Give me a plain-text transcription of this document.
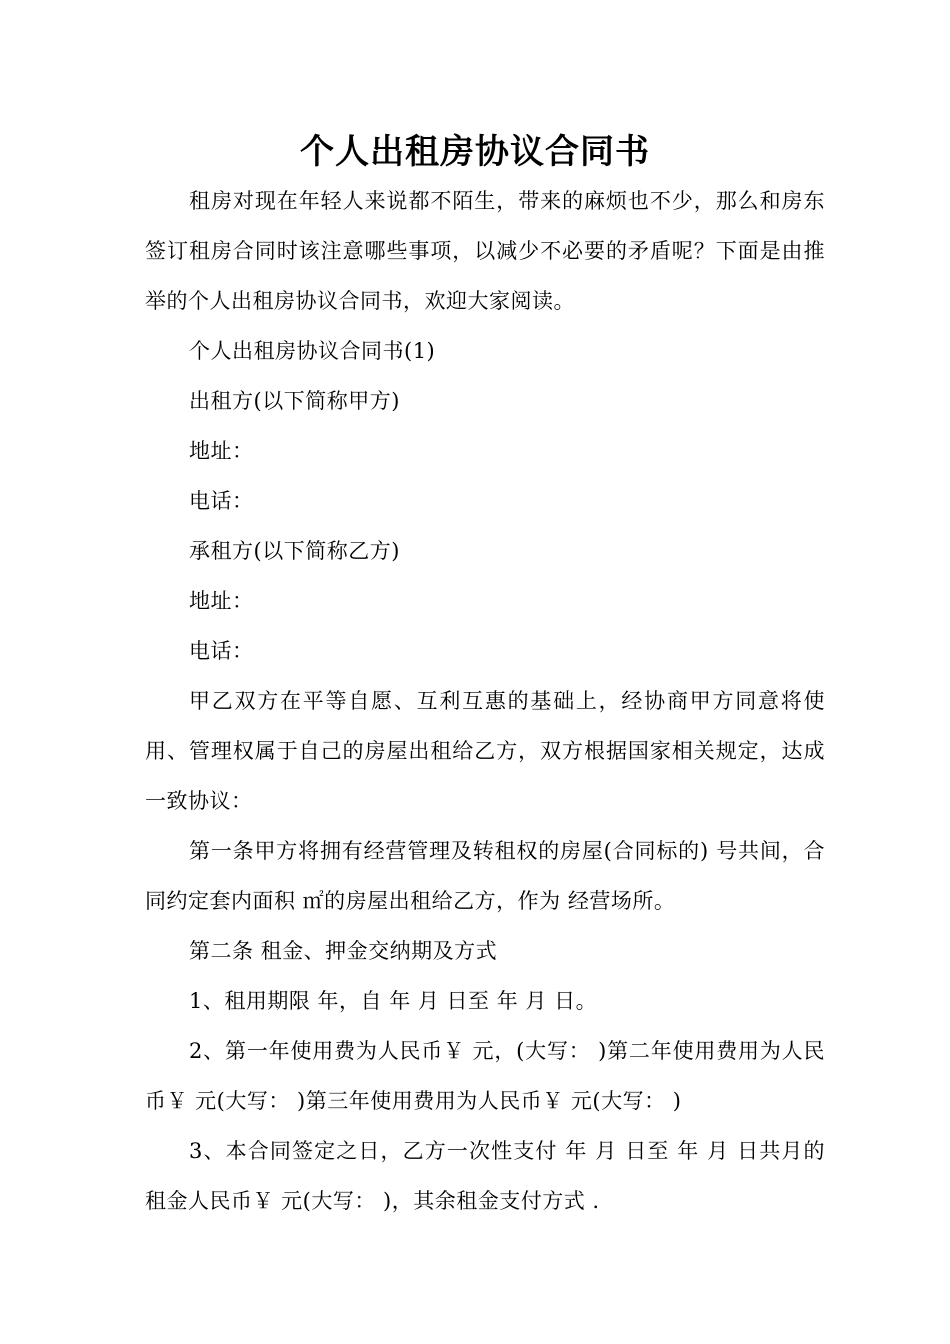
个人出租房协议合同书

租房对现在年轻人来说都不陌生，带来的麻烦也不少，那么和房东签订租房合同时该注意哪些事项，以减少不必要的矛盾呢？下面是由推举的个人出租房协议合同书，欢迎大家阅读。

个人出租房协议合同书(1)

出租方(以下简称甲方)

地址：

电话：

承租方(以下简称乙方)

地址：

电话：

甲乙双方在平等自愿、互利互惠的基础上，经协商甲方同意将使用、管理权属于自己的房屋出租给乙方，双方根据国家相关规定，达成一致协议：

第一条甲方将拥有经营管理及转租权的房屋(合同标的) 号共间，合同约定套内面积 ㎡的房屋出租给乙方，作为 经营场所。

第二条 租金、押金交纳期及方式

1、租用期限 年，自 年 月 日至 年 月 日。

2、第一年使用费为人民币￥ 元，(大写： )第二年使用费用为人民币￥ 元(大写： )第三年使用费用为人民币￥ 元(大写： )

3、本合同签定之日，乙方一次性支付 年 月 日至 年 月 日共月的租金人民币￥ 元(大写： )，其余租金支付方式 .
